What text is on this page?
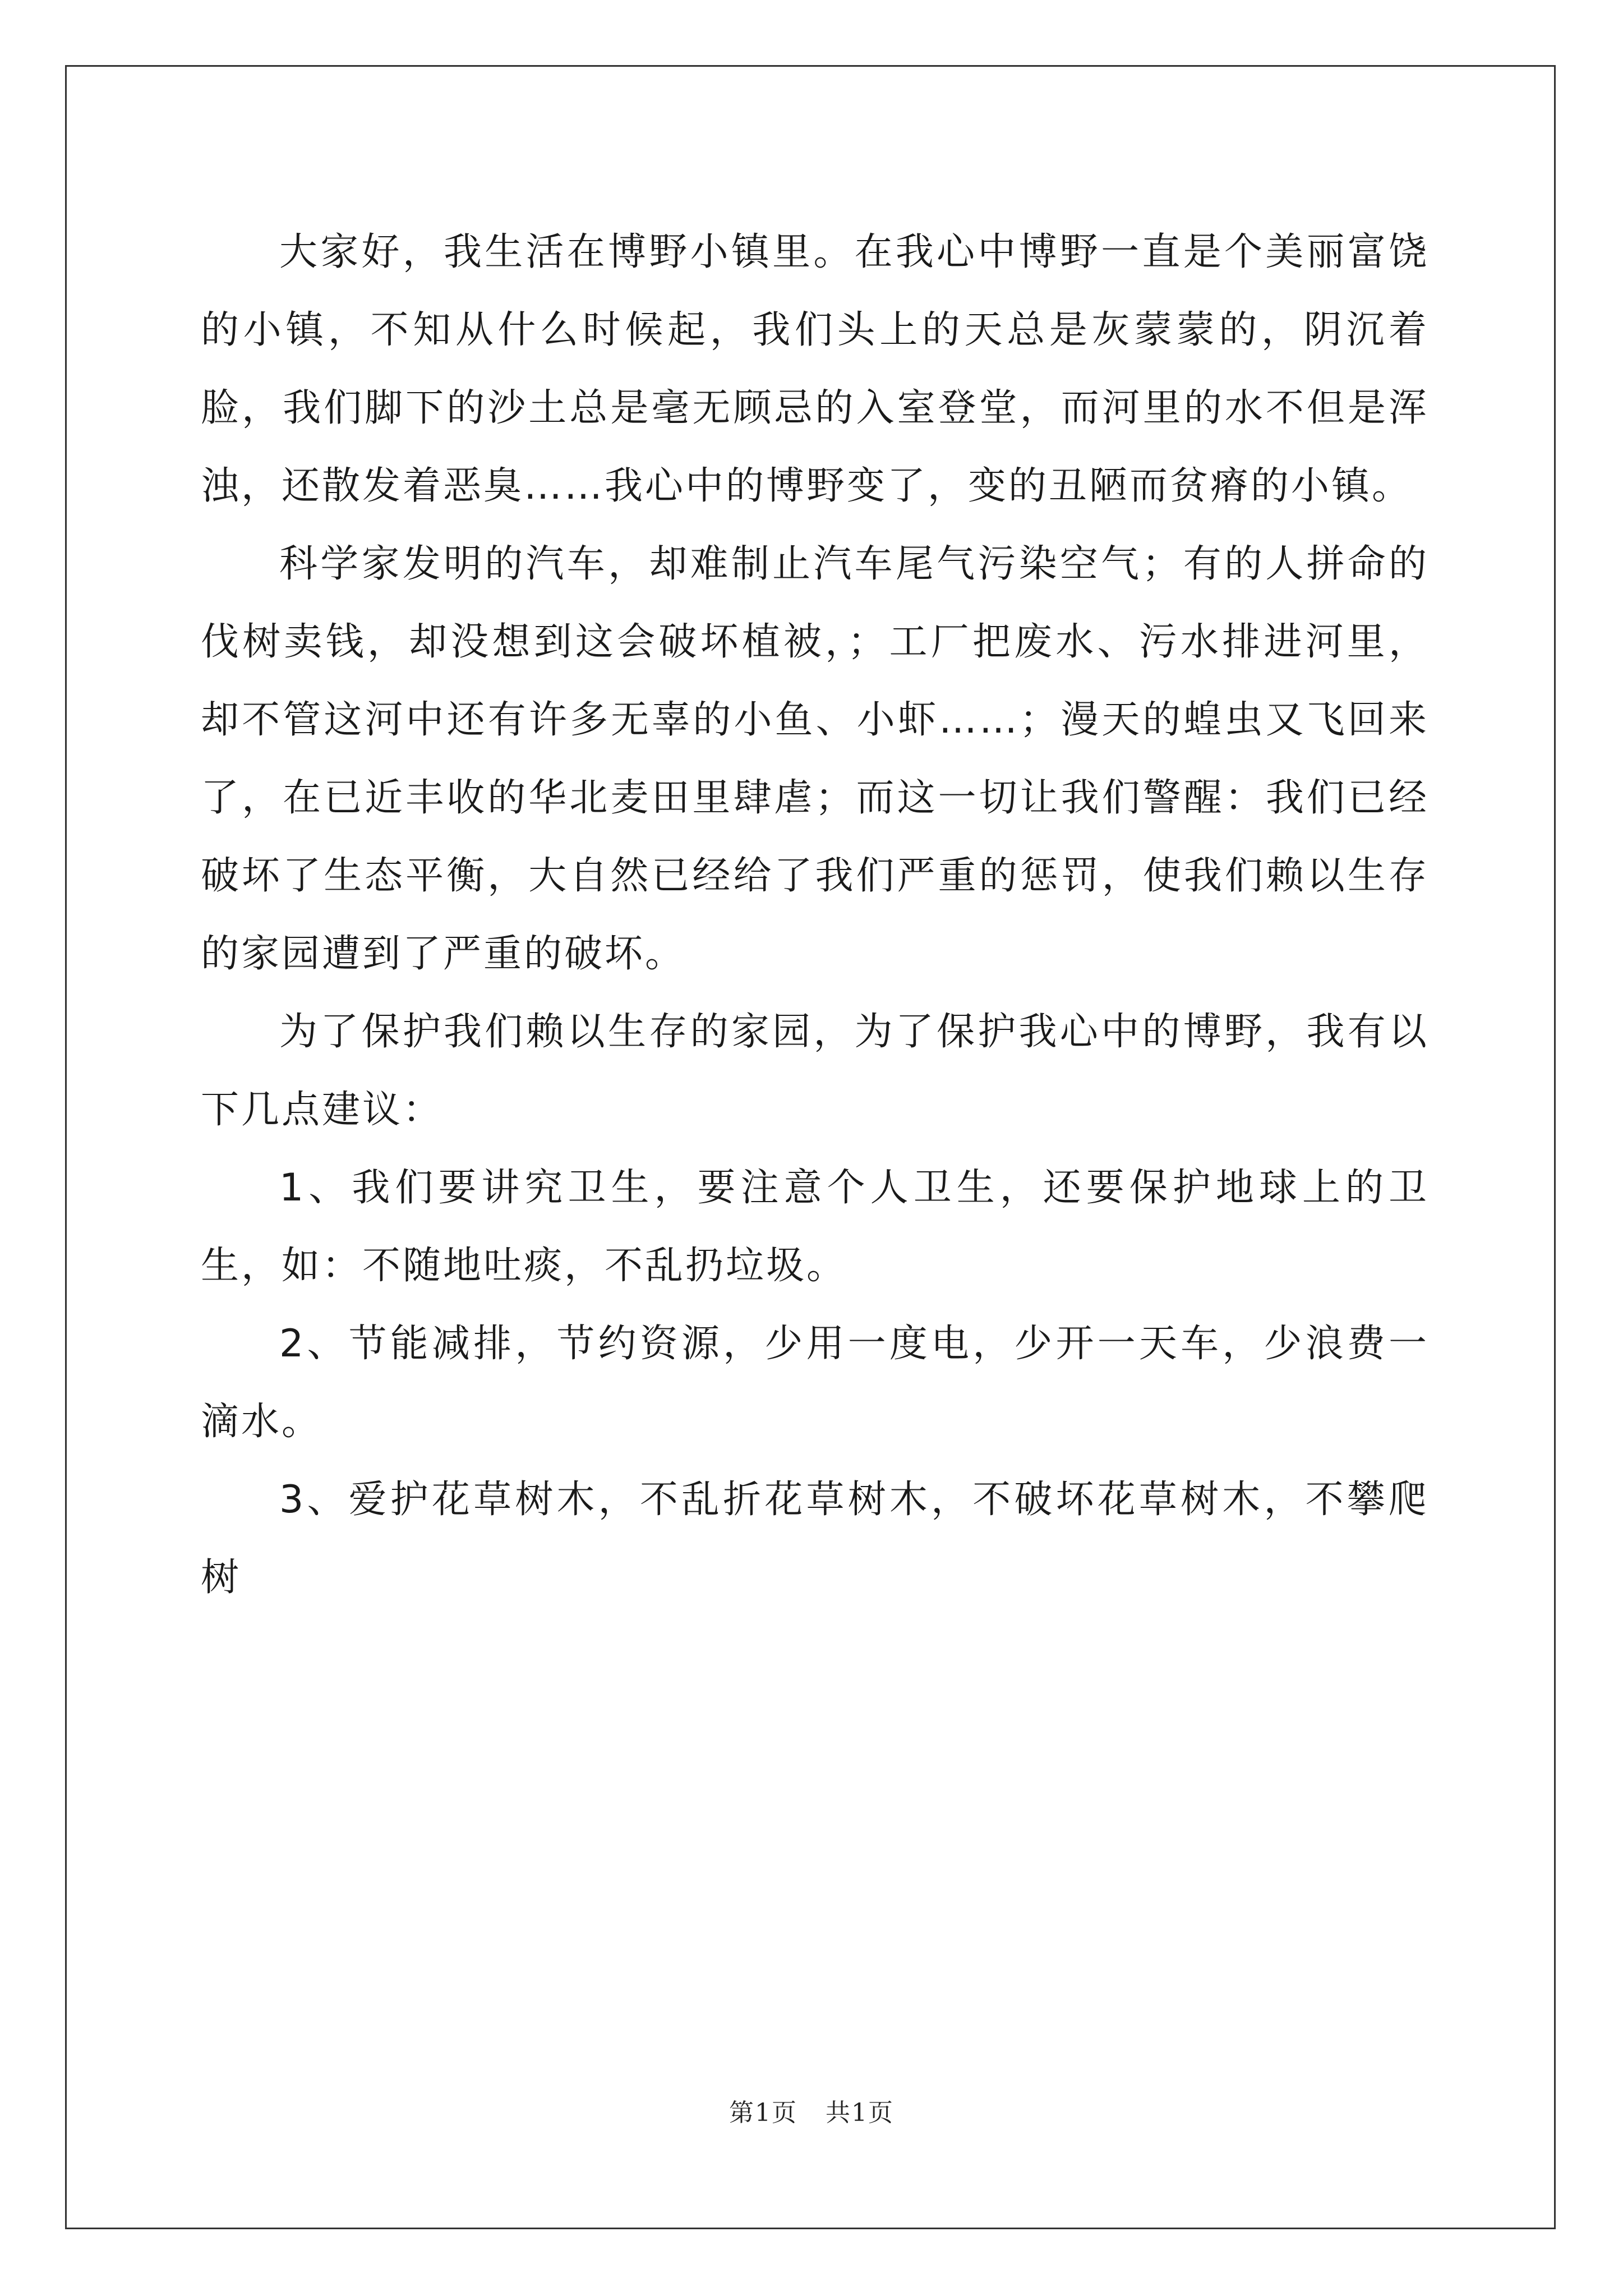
大家好，我生活在博野小镇里。在我心中博野一直是个美丽富饶的小镇，不知从什么时候起，我们头上的天总是灰蒙蒙的，阴沉着脸，我们脚下的沙土总是毫无顾忌的入室登堂，而河里的水不但是浑浊，还散发着恶臭……我心中的博野变了，变的丑陋而贫瘠的小镇。

科学家发明的汽车，却难制止汽车尾气污染空气；有的人拼命的伐树卖钱，却没想到这会破坏植被，；工厂把废水、污水排进河里，却不管这河中还有许多无辜的小鱼、小虾……；漫天的蝗虫又飞回来了，在已近丰收的华北麦田里肆虐；而这一切让我们警醒：我们已经破坏了生态平衡，大自然已经给了我们严重的惩罚，使我们赖以生存的家园遭到了严重的破坏。

为了保护我们赖以生存的家园，为了保护我心中的博野，我有以下几点建议：

1、我们要讲究卫生，要注意个人卫生，还要保护地球上的卫生，如：不随地吐痰，不乱扔垃圾。

2、节能减排，节约资源，少用一度电，少开一天车，少浪费一滴水。

3、爱护花草树木，不乱折花草树木，不破坏花草树木，不攀爬树

第1页 共1页
